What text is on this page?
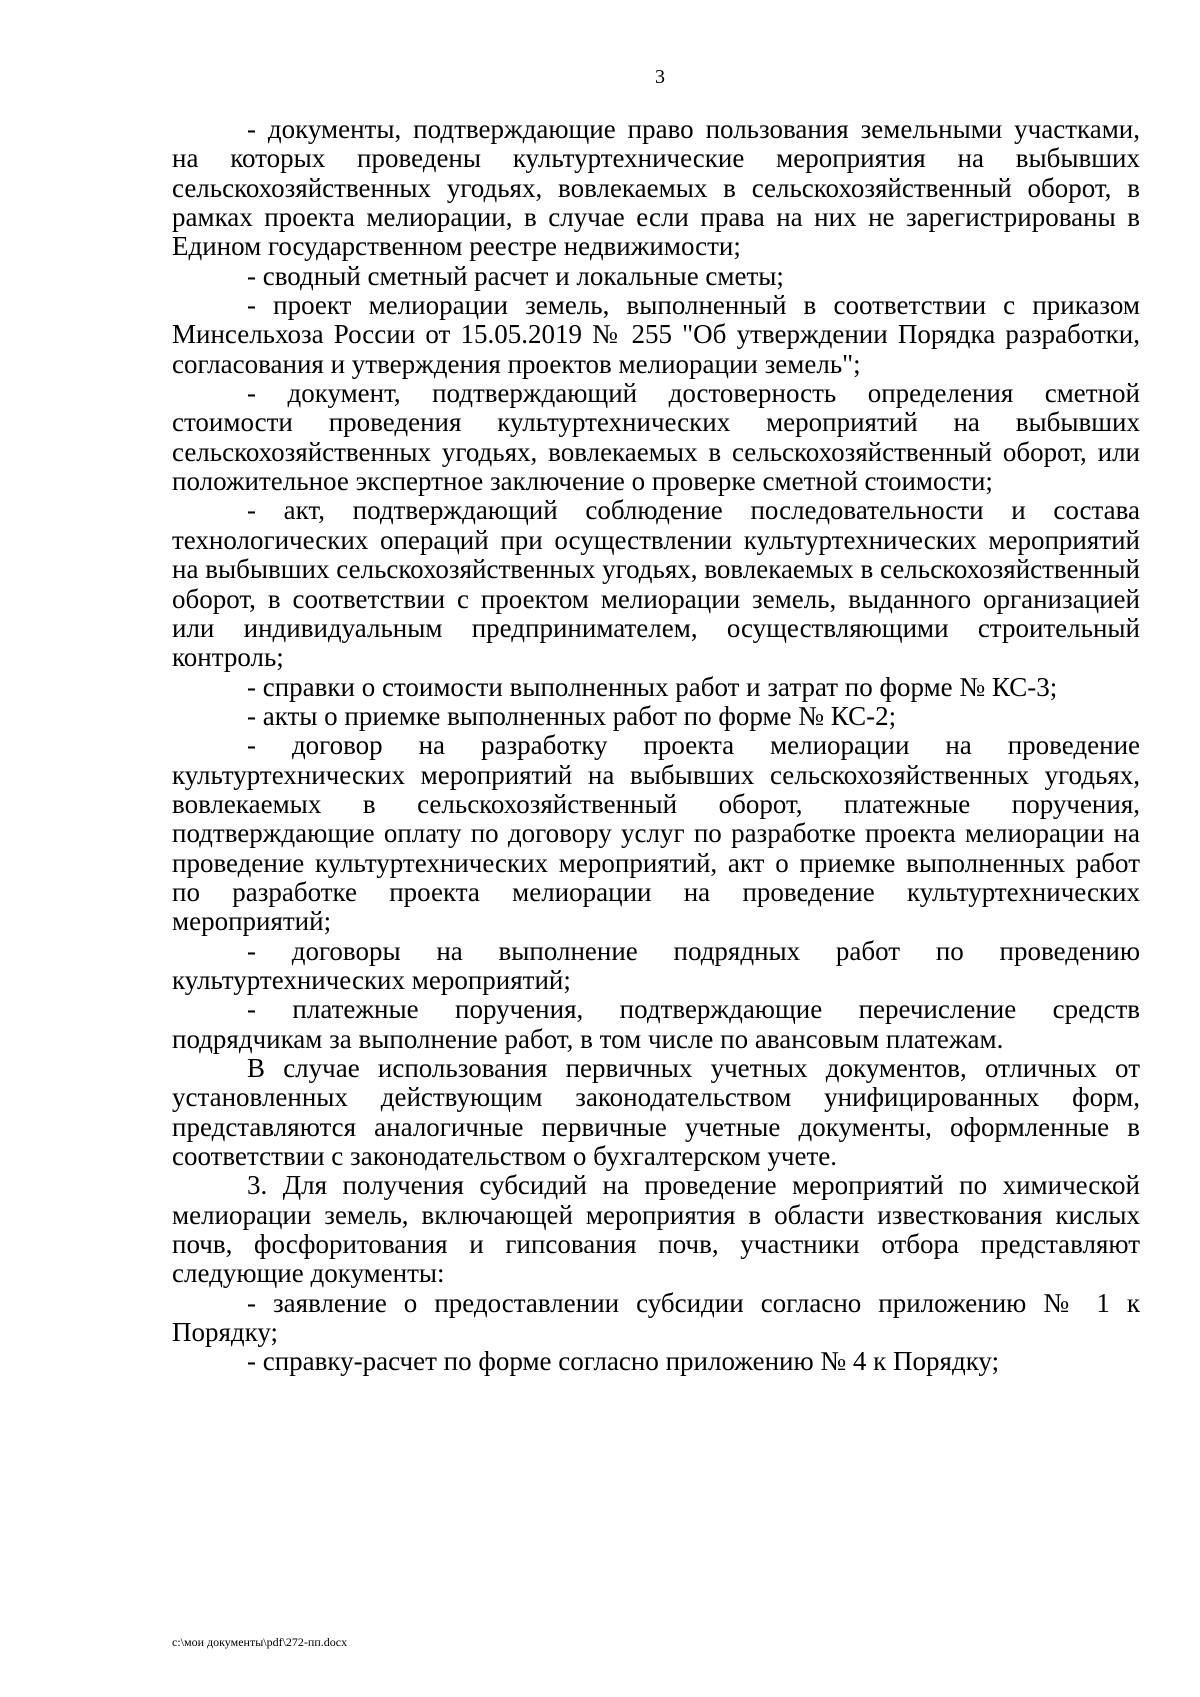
3

- документы, подтверждающие право пользования земельными участками, на которых проведены культуртехнические мероприятия на выбывших сельскохозяйственных угодьях, вовлекаемых в сельскохозяйственный оборот, в рамках проекта мелиорации, в случае если права на них не зарегистрированы в Едином государственном реестре недвижимости;

- сводный сметный расчет и локальные сметы;

- проект мелиорации земель, выполненный в соответствии с приказом Минсельхоза России от 15.05.2019 № 255 "Об утверждении Порядка разработки, согласования и утверждения проектов мелиорации земель";

- документ, подтверждающий достоверность определения сметной стоимости проведения культуртехнических мероприятий на выбывших сельскохозяйственных угодьях, вовлекаемых в сельскохозяйственный оборот, или положительное экспертное заключение о проверке сметной стоимости;

- акт, подтверждающий соблюдение последовательности и состава технологических операций при осуществлении культуртехнических мероприятий на выбывших сельскохозяйственных угодьях, вовлекаемых в сельскохозяйственный оборот, в соответствии с проектом мелиорации земель, выданного организацией или индивидуальным предпринимателем, осуществляющими строительный контроль;

- справки о стоимости выполненных работ и затрат по форме № КС-3;

- акты о приемке выполненных работ по форме № КС-2;

- договор на разработку проекта мелиорации на проведение культуртехнических мероприятий на выбывших сельскохозяйственных угодьях, вовлекаемых в сельскохозяйственный оборот, платежные поручения, подтверждающие оплату по договору услуг по разработке проекта мелиорации на проведение культуртехнических мероприятий, акт о приемке выполненных работ по разработке проекта мелиорации на проведение культуртехнических мероприятий;

- договоры на выполнение подрядных работ по проведению культуртехнических мероприятий;

- платежные поручения, подтверждающие перечисление средств подрядчикам за выполнение работ, в том числе по авансовым платежам.

В случае использования первичных учетных документов, отличных от установленных действующим законодательством унифицированных форм, представляются аналогичные первичные учетные документы, оформленные в соответствии с законодательством о бухгалтерском учете.

3. Для получения субсидий на проведение мероприятий по химической мелиорации земель, включающей мероприятия в области известкования кислых почв, фосфоритования и гипсования почв, участники отбора представляют следующие документы:

- заявление о предоставлении субсидии согласно приложению № 1 к Порядку;

- справку-расчет по форме согласно приложению № 4 к Порядку;

c:\мои документы\pdf\272-пп.docx
